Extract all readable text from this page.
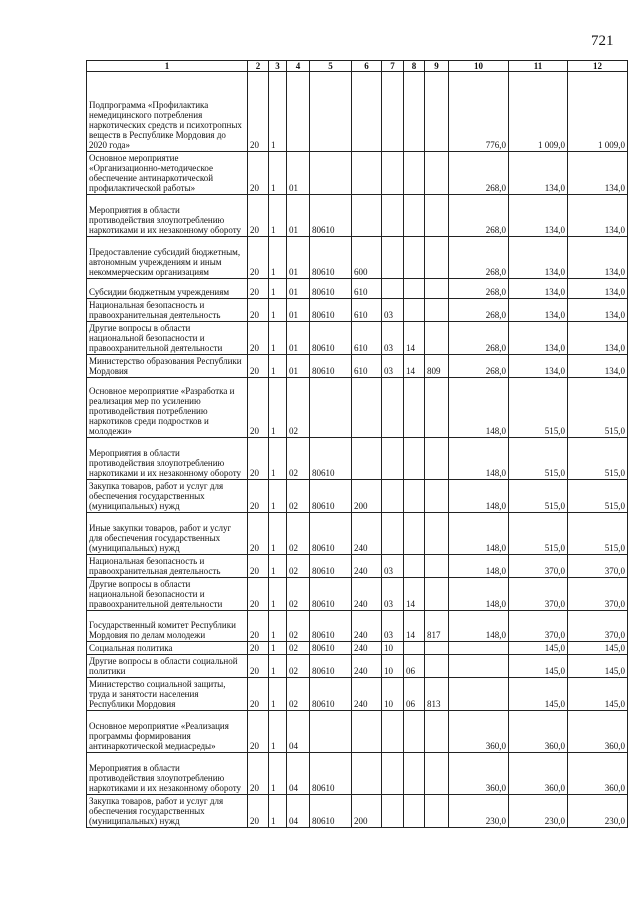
721
1	2	3	4	5	6	7	8	9	10	11	12
Подпрограмма «Профилактика немедицинского потребления наркотических средств и психотропных веществ в Республике Мордовия до 2020 года»	20	1							776,0	1 009,0	1 009,0
Основное мероприятие «Организационно-методическое обеспечение антинаркотической профилактической работы»	20	1	01						268,0	134,0	134,0
Мероприятия в области противодействия злоупотреблению наркотиками и их незаконному обороту	20	1	01	80610					268,0	134,0	134,0
Предоставление субсидий бюджетным, автономным учреждениям и иным некоммерческим организациям	20	1	01	80610	600				268,0	134,0	134,0
Субсидии бюджетным учреждениям	20	1	01	80610	610				268,0	134,0	134,0
Национальная безопасность и правоохранительная деятельность	20	1	01	80610	610	03			268,0	134,0	134,0
Другие вопросы в области национальной безопасности и правоохранительной деятельности	20	1	01	80610	610	03	14		268,0	134,0	134,0
Министерство образования Республики Мордовия	20	1	01	80610	610	03	14	809	268,0	134,0	134,0
Основное мероприятие «Разработка и реализация мер по усилению противодействия потреблению наркотиков среди подростков и молодежи»	20	1	02						148,0	515,0	515,0
Мероприятия в области противодействия злоупотреблению наркотиками и их незаконному обороту	20	1	02	80610					148,0	515,0	515,0
Закупка товаров, работ и услуг для обеспечения государственных (муниципальных) нужд	20	1	02	80610	200				148,0	515,0	515,0
Иные закупки товаров, работ и услуг для обеспечения государственных (муниципальных) нужд	20	1	02	80610	240				148,0	515,0	515,0
Национальная безопасность и правоохранительная деятельность	20	1	02	80610	240	03			148,0	370,0	370,0
Другие вопросы в области национальной безопасности и правоохранительной деятельности	20	1	02	80610	240	03	14		148,0	370,0	370,0
Государственный комитет Республики Мордовия по делам молодежи	20	1	02	80610	240	03	14	817	148,0	370,0	370,0
Социальная политика	20	1	02	80610	240	10				145,0	145,0
Другие вопросы в области социальной политики	20	1	02	80610	240	10	06			145,0	145,0
Министерство социальной защиты, труда и занятости населения Республики Мордовия	20	1	02	80610	240	10	06	813		145,0	145,0
Основное мероприятие «Реализация программы формирования антинаркотической медиасреды»	20	1	04						360,0	360,0	360,0
Мероприятия в области противодействия злоупотреблению наркотиками и их незаконному обороту	20	1	04	80610					360,0	360,0	360,0
Закупка товаров, работ и услуг для обеспечения государственных (муниципальных) нужд	20	1	04	80610	200				230,0	230,0	230,0
